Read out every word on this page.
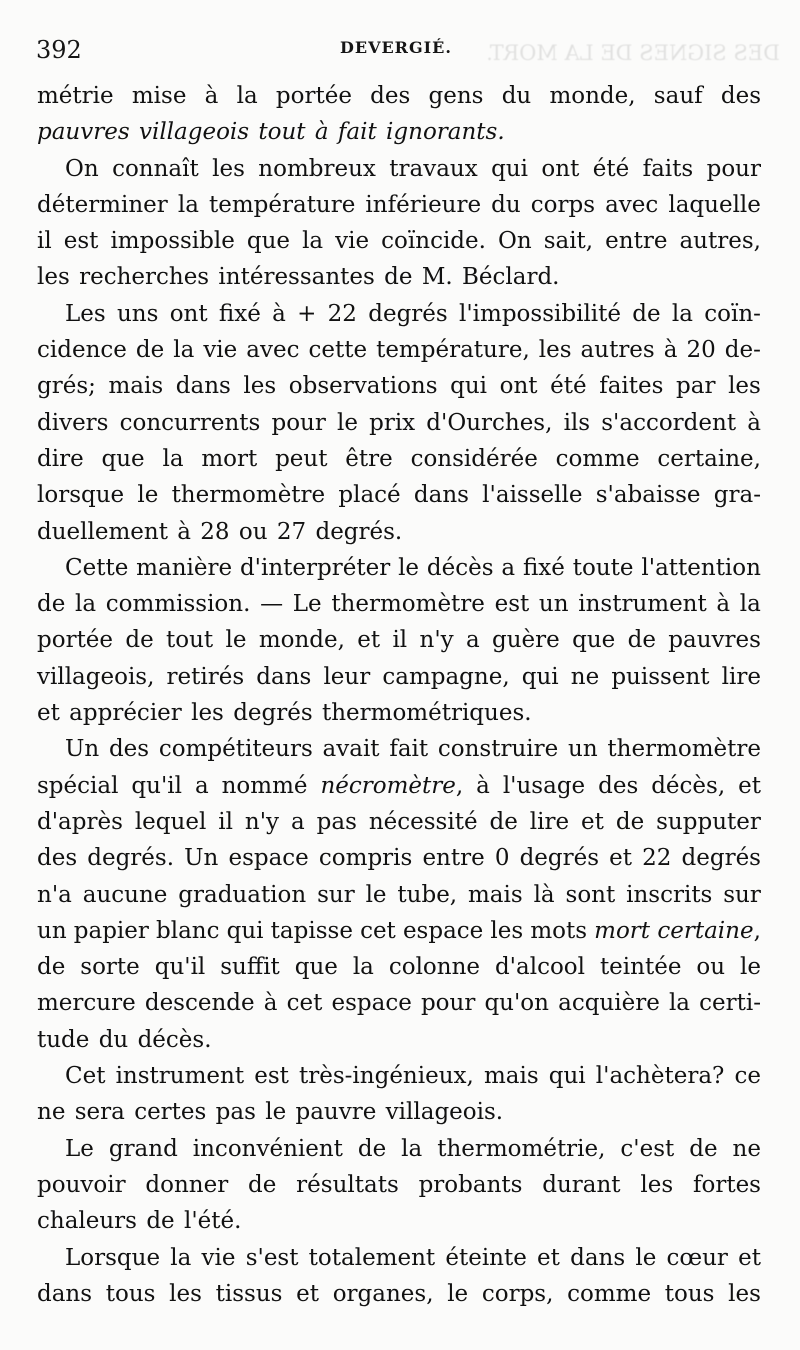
DES SIGNES DE LA MORT.
392	DEVERGIÉ.
métrie mise à la portée des gens du monde, sauf des
pauvres
villageois
tout
à
fait
ignorants.
On connaît les nombreux travaux qui ont été faits pour
déterminer la température inférieure du corps avec laquelle
il est impossible que la vie coïncide. On sait, entre autres,
les
recherches
intéressantes
de
M.
Béclard.
Les uns ont fixé à + 22 degrés l'impossibilité de la coïn-
cidence de la vie avec cette température, les autres à 20 de-
grés; mais dans les observations qui ont été faites par les
divers concurrents pour le prix d'Ourches, ils s'accordent à
dire que la mort peut être considérée comme certaine,
lorsque le thermomètre placé dans l'aisselle s'abaisse gra-
duellement
à
28
ou
27
degrés.
Cette manière d'interpréter le décès a fixé toute l'attention
de la commission. — Le thermomètre est un instrument à la
portée de tout le monde, et il n'y a guère que de pauvres
villageois, retirés dans leur campagne, qui ne puissent lire
et
apprécier
les
degrés
thermométriques.
Un des compétiteurs avait fait construire un thermomètre
spécial qu'il a nommé nécromètre, à l'usage des décès, et
d'après lequel il n'y a pas nécessité de lire et de supputer
des degrés. Un espace compris entre 0 degrés et 22 degrés
n'a aucune graduation sur le tube, mais là sont inscrits sur
un papier blanc qui tapisse cet espace les mots mort certaine,
de sorte qu'il suffit que la colonne d'alcool teintée ou le
mercure descende à cet espace pour qu'on acquière la certi-
tude
du
décès.
Cet instrument est très-ingénieux, mais qui l'achètera? ce
ne
sera
certes
pas
le
pauvre
villageois.
Le grand inconvénient de la thermométrie, c'est de ne
pouvoir donner de résultats probants durant les fortes
chaleurs
de
l'été.
Lorsque la vie s'est totalement éteinte et dans le cœur et
dans tous les tissus et organes, le corps, comme tous les
